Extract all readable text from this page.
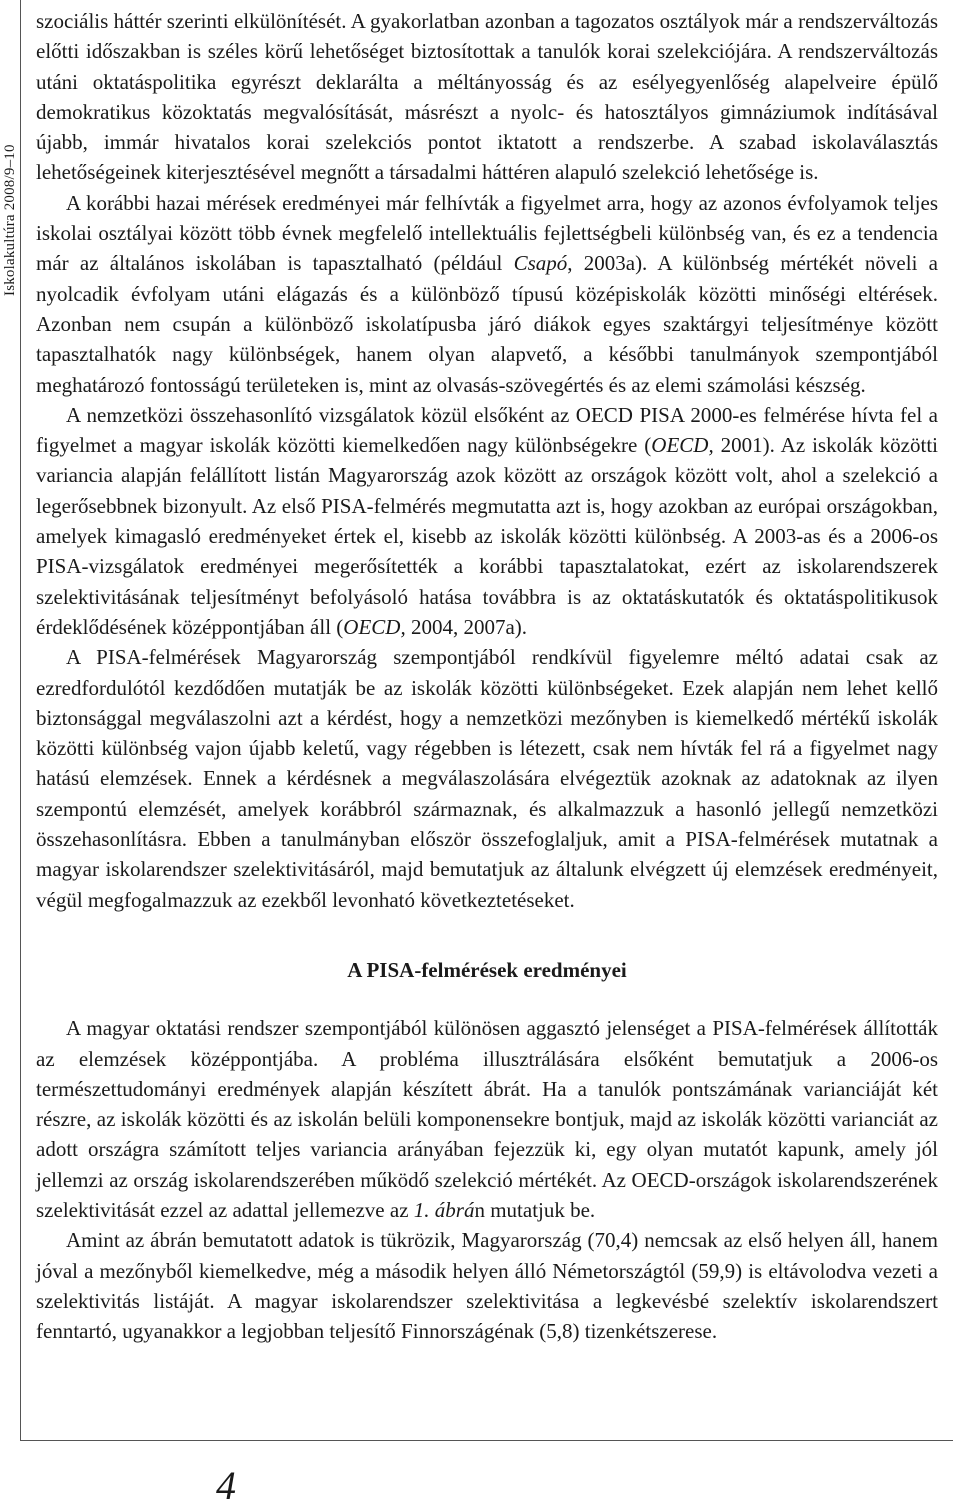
Iskolakultúra 2008/9–10

szociális háttér szerinti elkülönítését. A gyakorlatban azonban a tagozatos osztályok már a rendszerváltozás előtti időszakban is széles körű lehetőséget biztosítottak a tanulók korai szelekciójára. A rendszerváltozás utáni oktatáspolitika egyrészt deklarálta a méltányosság és az esélyegyenlőség alapelveire épülő demokratikus közoktatás megvalósítását, másrészt a nyolc- és hatosztályos gimnáziumok indításával újabb, immár hivatalos korai szelekciós pontot iktatott a rendszerbe. A szabad iskolaválasztás lehetőségeinek kiterjesztésével megnőtt a társadalmi háttéren alapuló szelekció lehetősége is.

A korábbi hazai mérések eredményei már felhívták a figyelmet arra, hogy az azonos évfolyamok teljes iskolai osztályai között több évnek megfelelő intellektuális fejlettségbeli különbség van, és ez a tendencia már az általános iskolában is tapasztalható (például Csapó, 2003a). A különbség mértékét növeli a nyolcadik évfolyam utáni elágazás és a különböző típusú középiskolák közötti minőségi eltérések. Azonban nem csupán a különböző iskolatípusba járó diákok egyes szaktárgyi teljesítménye között tapasztalhatók nagy különbségek, hanem olyan alapvető, a későbbi tanulmányok szempontjából meghatározó fontosságú területeken is, mint az olvasás-szövegértés és az elemi számolási készség.

A nemzetközi összehasonlító vizsgálatok közül elsőként az OECD PISA 2000-es felmérése hívta fel a figyelmet a magyar iskolák közötti kiemelkedően nagy különbségekre (OECD, 2001). Az iskolák közötti variancia alapján felállított listán Magyarország azok között az országok között volt, ahol a szelekció a legerősebbnek bizonyult. Az első PISA-felmérés megmutatta azt is, hogy azokban az európai országokban, amelyek kimagasló eredményeket értek el, kisebb az iskolák közötti különbség. A 2003-as és a 2006-os PISA-vizsgálatok eredményei megerősítették a korábbi tapasztalatokat, ezért az iskolarendszerek szelektivitásának teljesítményt befolyásoló hatása továbbra is az oktatáskutatók és oktatáspolitikusok érdeklődésének középpontjában áll (OECD, 2004, 2007a).

A PISA-felmérések Magyarország szempontjából rendkívül figyelemre méltó adatai csak az ezredfordulótól kezdődően mutatják be az iskolák közötti különbségeket. Ezek alapján nem lehet kellő biztonsággal megválaszolni azt a kérdést, hogy a nemzetközi mezőnyben is kiemelkedő mértékű iskolák közötti különbség vajon újabb keletű, vagy régebben is létezett, csak nem hívták fel rá a figyelmet nagy hatású elemzések. Ennek a kérdésnek a megválaszolására elvégeztük azoknak az adatoknak az ilyen szempontú elemzését, amelyek korábbról származnak, és alkalmazzuk a hasonló jellegű nemzetközi összehasonlításra. Ebben a tanulmányban először összefoglaljuk, amit a PISA-felmérések mutatnak a magyar iskolarendszer szelektivitásáról, majd bemutatjuk az általunk elvégzett új elemzések eredményeit, végül megfogalmazzuk az ezekből levonható következtetéseket.

A PISA-felmérések eredményei

A magyar oktatási rendszer szempontjából különösen aggasztó jelenséget a PISA-felmérések állították az elemzések középpontjába. A probléma illusztrálására elsőként bemutatjuk a 2006-os természettudományi eredmények alapján készített ábrát. Ha a tanulók pontszámának varianciáját két részre, az iskolák közötti és az iskolán belüli komponensekre bontjuk, majd az iskolák közötti varianciát az adott országra számított teljes variancia arányában fejezzük ki, egy olyan mutatót kapunk, amely jól jellemzi az ország iskolarendszerében működő szelekció mértékét. Az OECD-országok iskolarendszerének szelektivitását ezzel az adattal jellemezve az 1. ábrán mutatjuk be.

Amint az ábrán bemutatott adatok is tükrözik, Magyarország (70,4) nemcsak az első helyen áll, hanem jóval a mezőnyből kiemelkedve, még a második helyen álló Németországtól (59,9) is eltávolodva vezeti a szelektivitás listáját. A magyar iskolarendszer szelektivitása a legkevésbé szelektív iskolarendszert fenntartó, ugyanakkor a legjobban teljesítő Finnországénak (5,8) tizenkétszerese.

4
